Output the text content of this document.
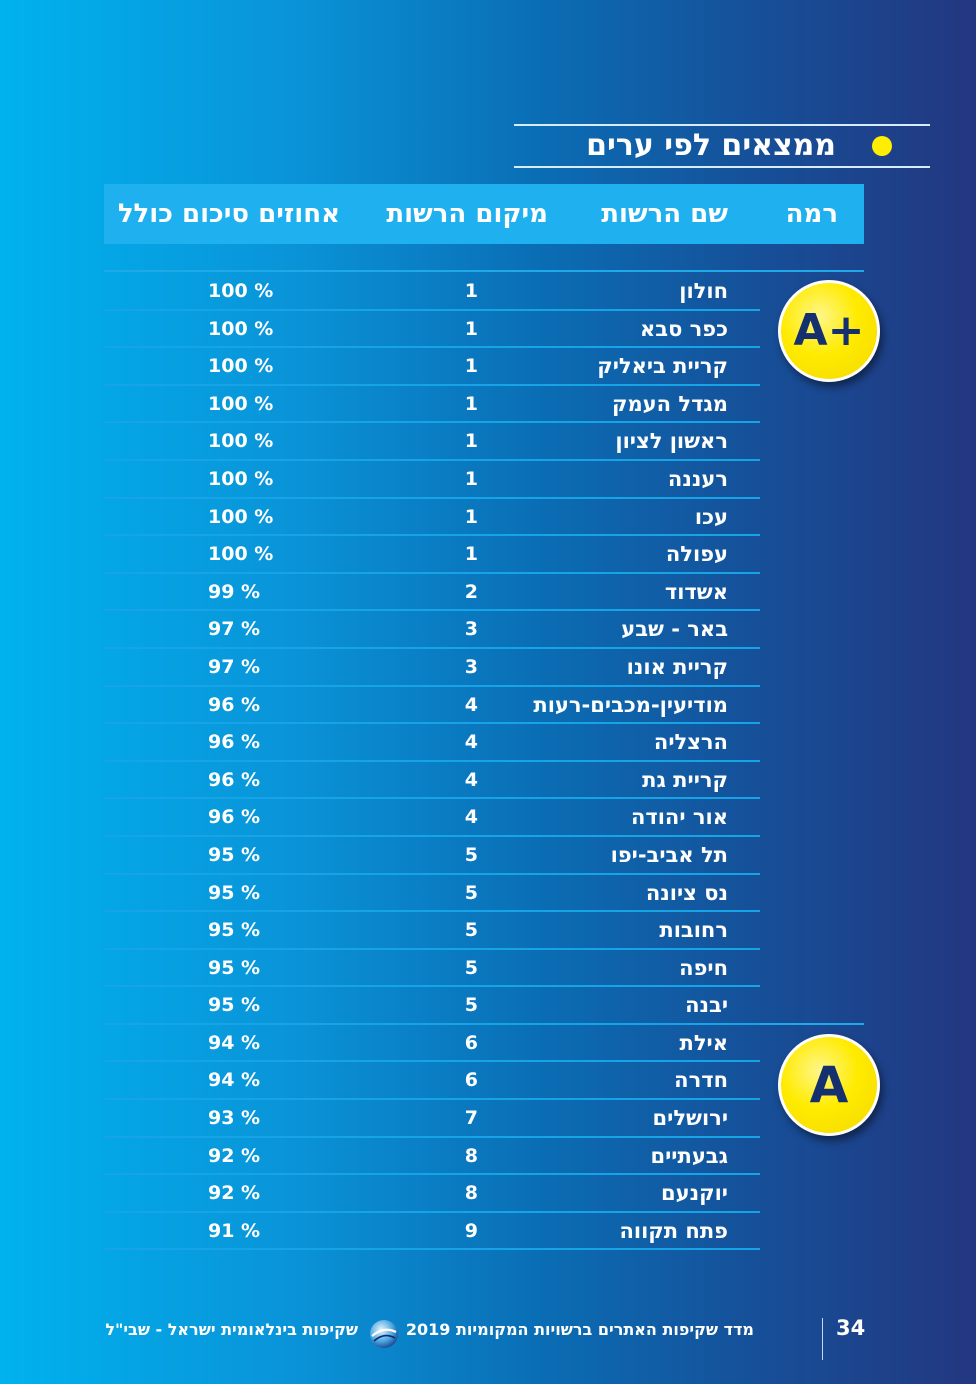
ממצאים לפי ערים
רמה
שם הרשות
מיקום הרשות
אחוזים סיכום כולל
חולון
1
100 %
כפר סבא
1
100 %
קריית ביאליק
1
100 %
מגדל העמק
1
100 %
ראשון לציון
1
100 %
רעננה
1
100 %
עכו
1
100 %
עפולה
1
100 %
אשדוד
2
99 %
באר - שבע
3
97 %
קריית אונו
3
97 %
מודיעין-מכבים-רעות
4
96 %
הרצליה
4
96 %
קריית גת
4
96 %
אור יהודה
4
96 %
תל אביב-יפו
5
95 %
נס ציונה
5
95 %
רחובות
5
95 %
חיפה
5
95 %
יבנה
5
95 %
אילת
6
94 %
חדרה
6
94 %
ירושלים
7
93 %
גבעתיים
8
92 %
יוקנעם
8
92 %
פתח תקווה
9
91 %
A+
A
34
מדד שקיפות האתרים ברשויות המקומיות 2019
שקיפות בינלאומית ישראל - שבי"ל
